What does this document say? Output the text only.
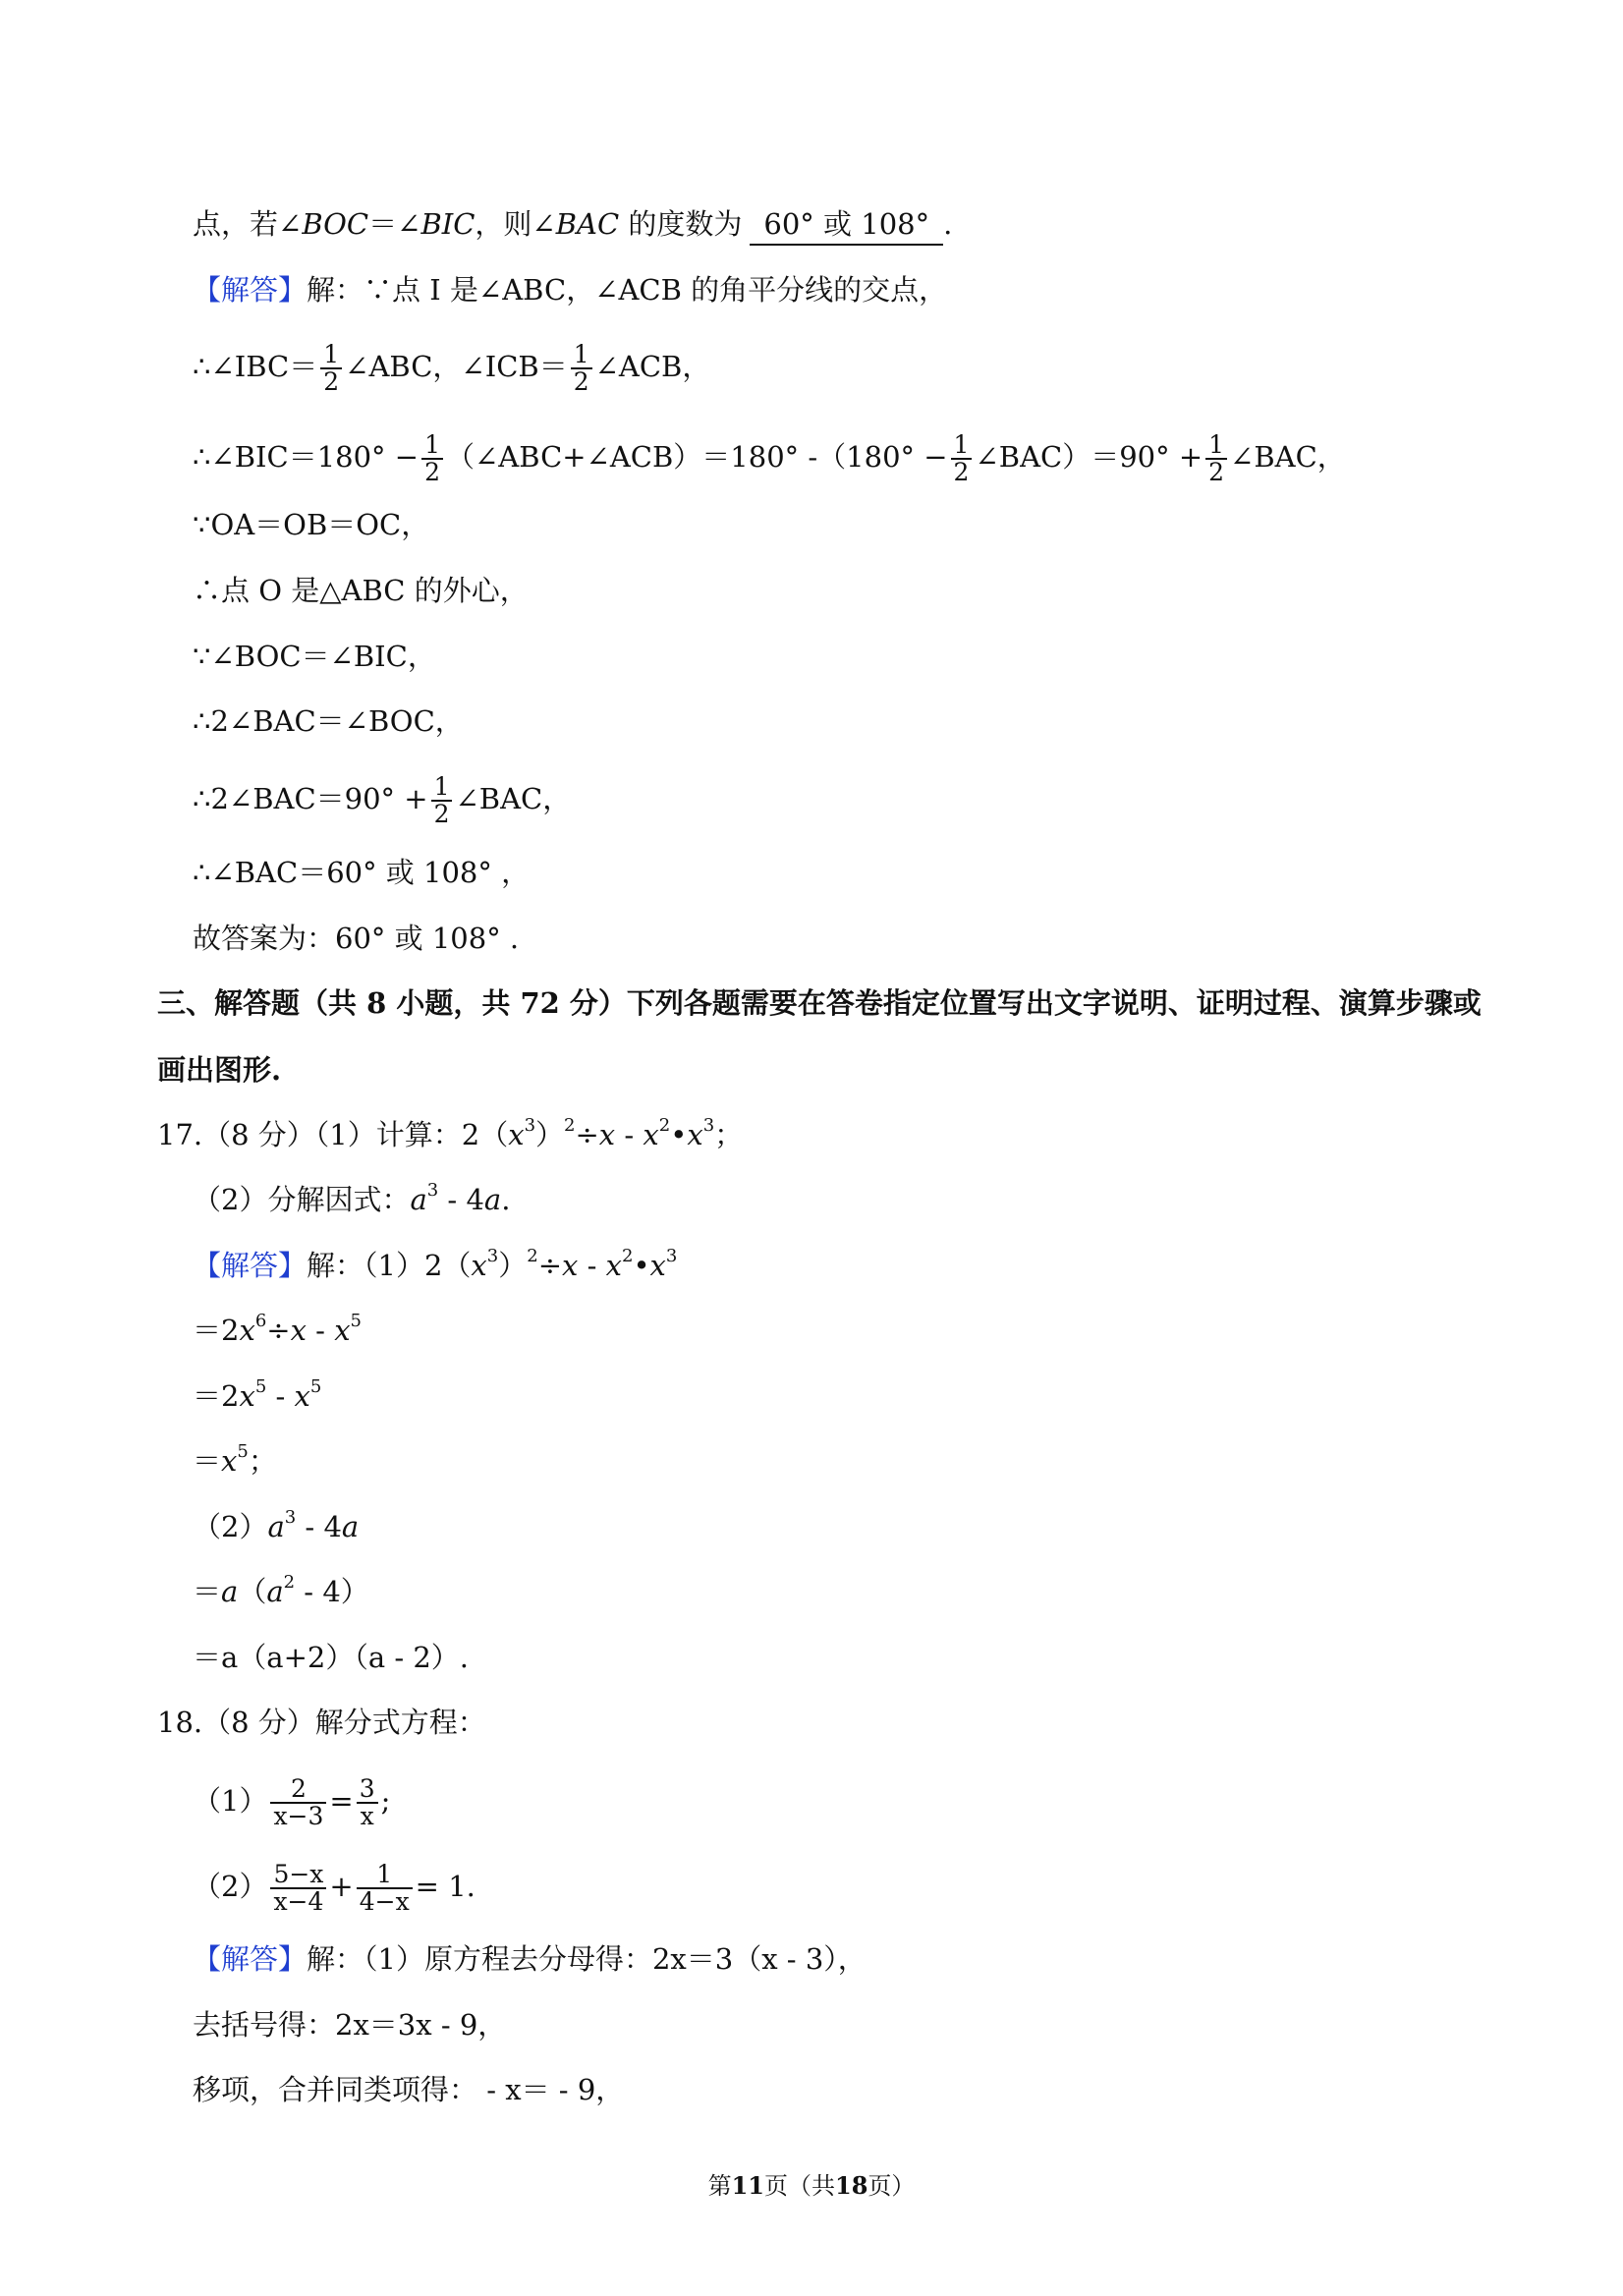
点，若∠BOC＝∠BIC，则∠BAC 的度数为 60° 或 108° .
【解答】解：∵点 I 是∠ABC，∠ACB 的角平分线的交点，
∴∠IBC＝ $\frac{1}{2}$ ∠ABC，∠ICB＝ $\frac{1}{2}$ ∠ACB，
∴∠BIC＝180° − $\frac{1}{2}$ （∠ABC+∠ACB）＝180° $-(180^\circ - \frac{1}{2}$ ∠BAC）＝90° + $\frac{1}{2}$ ∠BAC，
∵OA＝OB＝OC，
∴点 O 是△ABC 的外心，
∵∠BOC＝∠BIC，
∴2∠BAC＝∠BOC，
∴2∠BAC＝90° + $\frac{1}{2}$ ∠BAC，
∴∠BAC＝60° 或 108° ，
故答案为：60° 或 108° .
三、解答题（共 8 小题，共 72 分）下列各题需要在答卷指定位置写出文字说明、证明过程、演算步骤或
画出图形.
17.（8 分）（1）计算：$2(x^3)^2\div x$ - $x^2•x^3$；
（2）分解因式：$a^3 - 4a$.
【解答】解：$(1)2(x^3)^2\div x$ - $x^2•x^3$
$=2x^6\div x - x^5$
$=2x^5 - x^5$
$=x^5$；
$(2)a^3 - 4a$
$=a(a^2 - 4)$
＝a（a+2）（a - 2）.
18.（8 分）解分式方程：
$(1) \frac{2}{x-3} = \frac{3}{x}$ ;
$(2) \frac{5-x}{x-4} + \frac{1}{4-x} = 1$.
【解答】解：（1）原方程去分母得：2x＝3（x - 3），
去括号得：2x＝3x - 9，
移项，合并同类项得： - x＝ - 9，
第11页（共18页）
